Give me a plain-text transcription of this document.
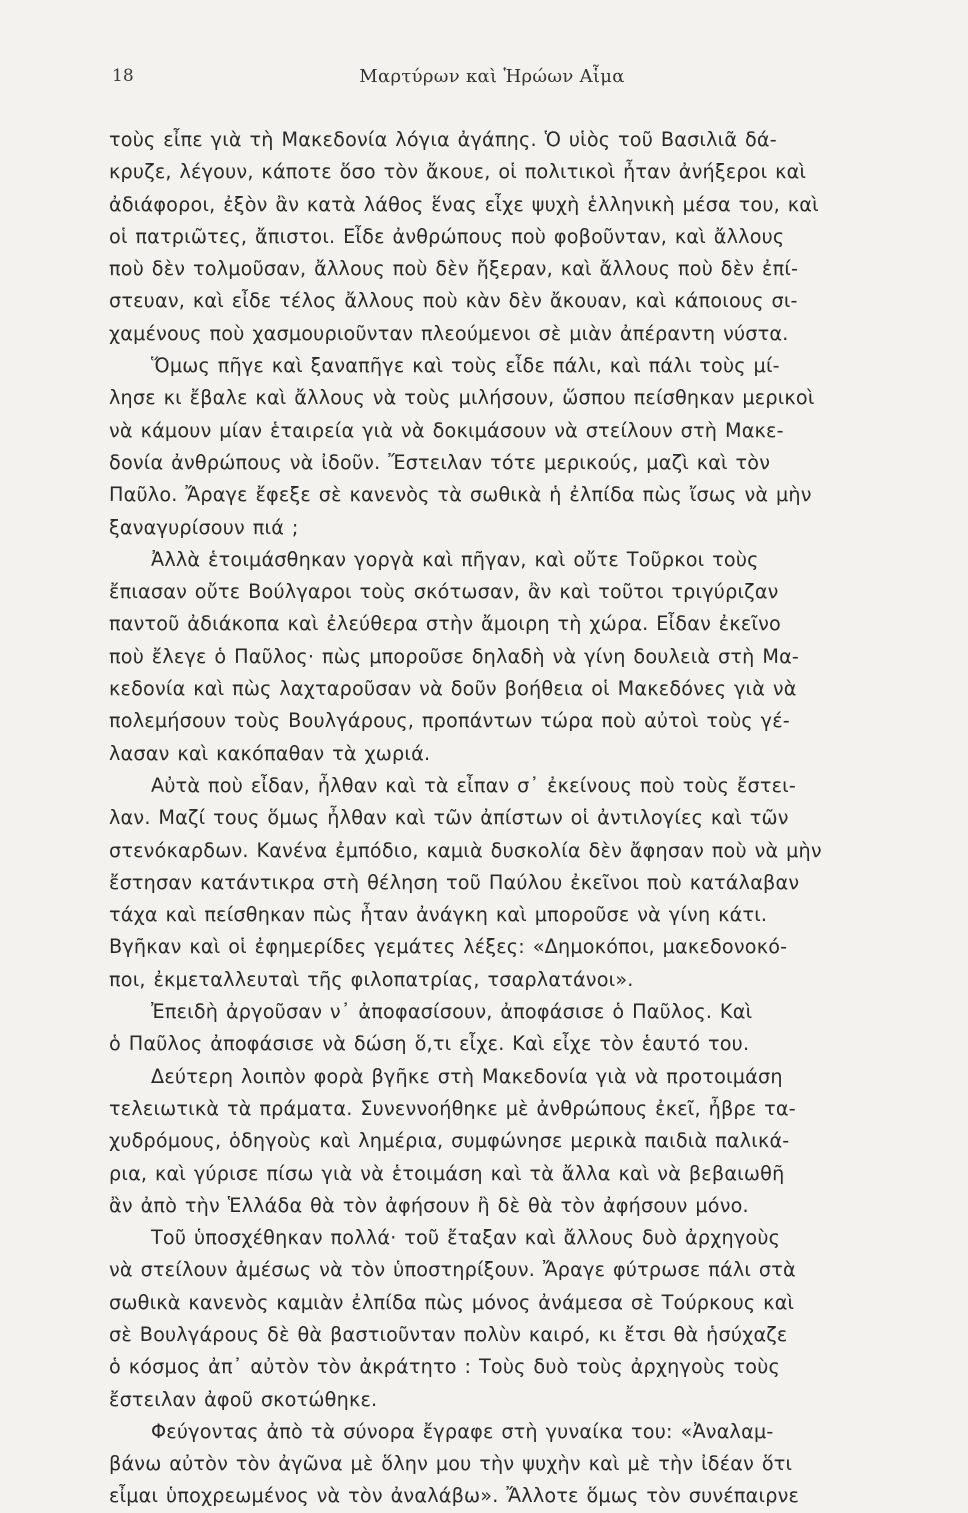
18	Μαρτύρων καὶ Ἡρώων Αἷμα
τοὺς εἶπε γιὰ τὴ Μακεδονία λόγια ἀγάπης. Ὁ υἱὸς τοῦ Βασιλιᾶ δά-
κρυζε, λέγουν, κάποτε ὅσο τὸν ἄκουε, οἱ πολιτικοὶ ἦταν ἀνήξεροι καὶ
ἀδιάφοροι, ἐξὸν ἂν κατὰ λάθος ἕνας εἶχε ψυχὴ ἑλληνικὴ μέσα του, καὶ
οἱ πατριῶτες, ἄπιστοι. Εἶδε ἀνθρώπους ποὺ φοβοῦνταν, καὶ ἄλλους
ποὺ δὲν τολμοῦσαν, ἄλλους ποὺ δὲν ἤξεραν, καὶ ἄλλους ποὺ δὲν ἐπί-
στευαν, καὶ εἶδε τέλος ἄλλους ποὺ κὰν δὲν ἄκουαν, καὶ κάποιους σι-
χαμένους ποὺ χασμουριοῦνταν πλεούμενοι σὲ μιὰν ἀπέραντη νύστα.
Ὅμως πῆγε καὶ ξαναπῆγε καὶ τοὺς εἶδε πάλι, καὶ πάλι τοὺς μί-
λησε κι ἔβαλε καὶ ἄλλους νὰ τοὺς μιλήσουν, ὥσπου πείσθηκαν μερικοὶ
νὰ κάμουν μίαν ἑταιρεία γιὰ νὰ δοκιμάσουν νὰ στείλουν στὴ Μακε-
δονία ἀνθρώπους νὰ ἰδοῦν. Ἔστειλαν τότε μερικούς, μαζὶ καὶ τὸν
Παῦλο. Ἄραγε ἔφεξε σὲ κανενὸς τὰ σωθικὰ ἡ ἐλπίδα πὼς ἴσως νὰ μὴν
ξαναγυρίσουν πιά ;
Ἀλλὰ ἑτοιμάσθηκαν γοργὰ καὶ πῆγαν, καὶ οὔτε Τοῦρκοι τοὺς
ἔπιασαν οὔτε Βούλγαροι τοὺς σκότωσαν, ἂν καὶ τοῦτοι τριγύριζαν
παντοῦ ἀδιάκοπα καὶ ἐλεύθερα στὴν ἄμοιρη τὴ χώρα. Εἶδαν ἐκεῖνο
ποὺ ἔλεγε ὁ Παῦλος· πὼς μποροῦσε δηλαδὴ νὰ γίνη δουλειὰ στὴ Μα-
κεδονία καὶ πὼς λαχταροῦσαν νὰ δοῦν βοήθεια οἱ Μακεδόνες γιὰ νὰ
πολεμήσουν τοὺς Βουλγάρους, προπάντων τώρα ποὺ αὐτοὶ τοὺς γέ-
λασαν καὶ κακόπαθαν τὰ χωριά.
Αὐτὰ ποὺ εἶδαν, ἦλθαν καὶ τὰ εἶπαν σ᾽ ἐκείνους ποὺ τοὺς ἔστει-
λαν. Μαζί τους ὅμως ἦλθαν καὶ τῶν ἀπίστων οἱ ἀντιλογίες καὶ τῶν
στενόκαρδων. Κανένα ἐμπόδιο, καμιὰ δυσκολία δὲν ἄφησαν ποὺ νὰ μὴν
ἔστησαν κατάντικρα στὴ θέληση τοῦ Παύλου ἐκεῖνοι ποὺ κατάλαβαν
τάχα καὶ πείσθηκαν πὼς ἦταν ἀνάγκη καὶ μποροῦσε νὰ γίνη κάτι.
Βγῆκαν καὶ οἱ ἐφημερίδες γεμάτες λέξες: «Δημοκόποι, μακεδονοκό-
ποι, ἐκμεταλλευταὶ τῆς φιλοπατρίας, τσαρλατάνοι».
Ἐπειδὴ ἀργοῦσαν ν᾽ ἀποφασίσουν, ἀποφάσισε ὁ Παῦλος. Καὶ
ὁ Παῦλος ἀποφάσισε νὰ δώση ὅ,τι εἶχε. Καὶ εἶχε τὸν ἑαυτό του.
Δεύτερη λοιπὸν φορὰ βγῆκε στὴ Μακεδονία γιὰ νὰ προτοιμάση
τελειωτικὰ τὰ πράματα. Συνεννοήθηκε μὲ ἀνθρώπους ἐκεῖ, ἦβρε τα-
χυδρόμους, ὁδηγοὺς καὶ λημέρια, συμφώνησε μερικὰ παιδιὰ παλικά-
ρια, καὶ γύρισε πίσω γιὰ νὰ ἑτοιμάση καὶ τὰ ἄλλα καὶ νὰ βεβαιωθῆ
ἂν ἀπὸ τὴν Ἑλλάδα θὰ τὸν ἀφήσουν ἢ δὲ θὰ τὸν ἀφήσουν μόνο.
Τοῦ ὑποσχέθηκαν πολλά· τοῦ ἔταξαν καὶ ἄλλους δυὸ ἀρχηγοὺς
νὰ στείλουν ἀμέσως νὰ τὸν ὑποστηρίξουν. Ἄραγε φύτρωσε πάλι στὰ
σωθικὰ κανενὸς καμιὰν ἐλπίδα πὼς μόνος ἀνάμεσα σὲ Τούρκους καὶ
σὲ Βουλγάρους δὲ θὰ βαστιοῦνταν πολὺν καιρό, κι ἔτσι θὰ ἡσύχαζε
ὁ κόσμος ἀπ᾽ αὐτὸν τὸν ἀκράτητο : Τοὺς δυὸ τοὺς ἀρχηγοὺς τοὺς
ἔστειλαν ἀφοῦ σκοτώθηκε.
Φεύγοντας ἀπὸ τὰ σύνορα ἔγραφε στὴ γυναίκα του: «Ἀναλαμ-
βάνω αὐτὸν τὸν ἀγῶνα μὲ ὅλην μου τὴν ψυχὴν καὶ μὲ τὴν ἰδέαν ὅτι
εἶμαι ὑποχρεωμένος νὰ τὸν ἀναλάβω». Ἄλλοτε ὅμως τὸν συνέπαιρνε
